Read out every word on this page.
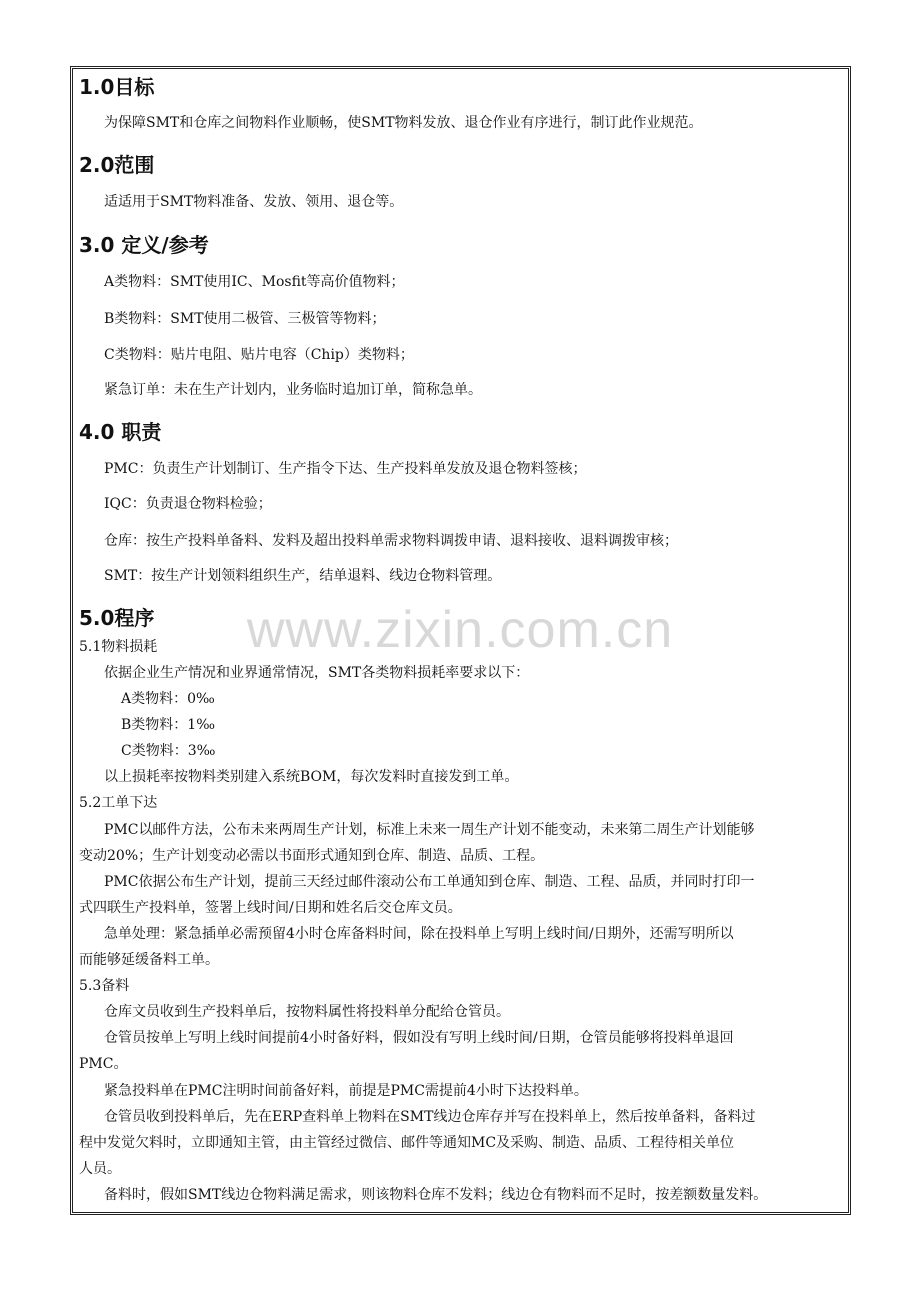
www.zixin.com.cn
1.0目标
为保障SMT和仓库之间物料作业顺畅，使SMT物料发放、退仓作业有序进行，制订此作业规范。
2.0范围
适适用于SMT物料准备、发放、领用、退仓等。
3.0 定义/参考
A类物料：SMT使用IC、Mosfit等高价值物料；
B类物料：SMT使用二极管、三极管等物料；
C类物料：贴片电阻、贴片电容（Chip）类物料；
紧急订单：未在生产计划内，业务临时追加订单，简称急单。
4.0 职责
PMC：负责生产计划制订、生产指令下达、生产投料单发放及退仓物料签核；
IQC：负责退仓物料检验；
仓库：按生产投料单备料、发料及超出投料单需求物料调拨申请、退料接收、退料调拨审核；
SMT：按生产计划领料组织生产，结单退料、线边仓物料管理。
5.0程序
5.1物料损耗
依据企业生产情况和业界通常情况，SMT各类物料损耗率要求以下：
A类物料：0‰
B类物料：1‰
C类物料：3‰
以上损耗率按物料类别建入系统BOM，每次发料时直接发到工单。
5.2工单下达
PMC以邮件方法，公布未来两周生产计划，标准上未来一周生产计划不能变动，未来第二周生产计划能够
变动20%；生产计划变动必需以书面形式通知到仓库、制造、品质、工程。
PMC依据公布生产计划，提前三天经过邮件滚动公布工单通知到仓库、制造、工程、品质，并同时打印一
式四联生产投料单，签署上线时间/日期和姓名后交仓库文员。
急单处理：紧急插单必需预留4小时仓库备料时间，除在投料单上写明上线时间/日期外，还需写明所以
而能够延缓备料工单。
5.3备料
仓库文员收到生产投料单后，按物料属性将投料单分配给仓管员。
仓管员按单上写明上线时间提前4小时备好料，假如没有写明上线时间/日期，仓管员能够将投料单退回
PMC。
紧急投料单在PMC注明时间前备好料，前提是PMC需提前4小时下达投料单。
仓管员收到投料单后，先在ERP查料单上物料在SMT线边仓库存并写在投料单上，然后按单备料，备料过
程中发觉欠料时，立即通知主管，由主管经过微信、邮件等通知MC及采购、制造、品质、工程待相关单位
人员。
备料时，假如SMT线边仓物料满足需求，则该物料仓库不发料；线边仓有物料而不足时，按差额数量发料。
